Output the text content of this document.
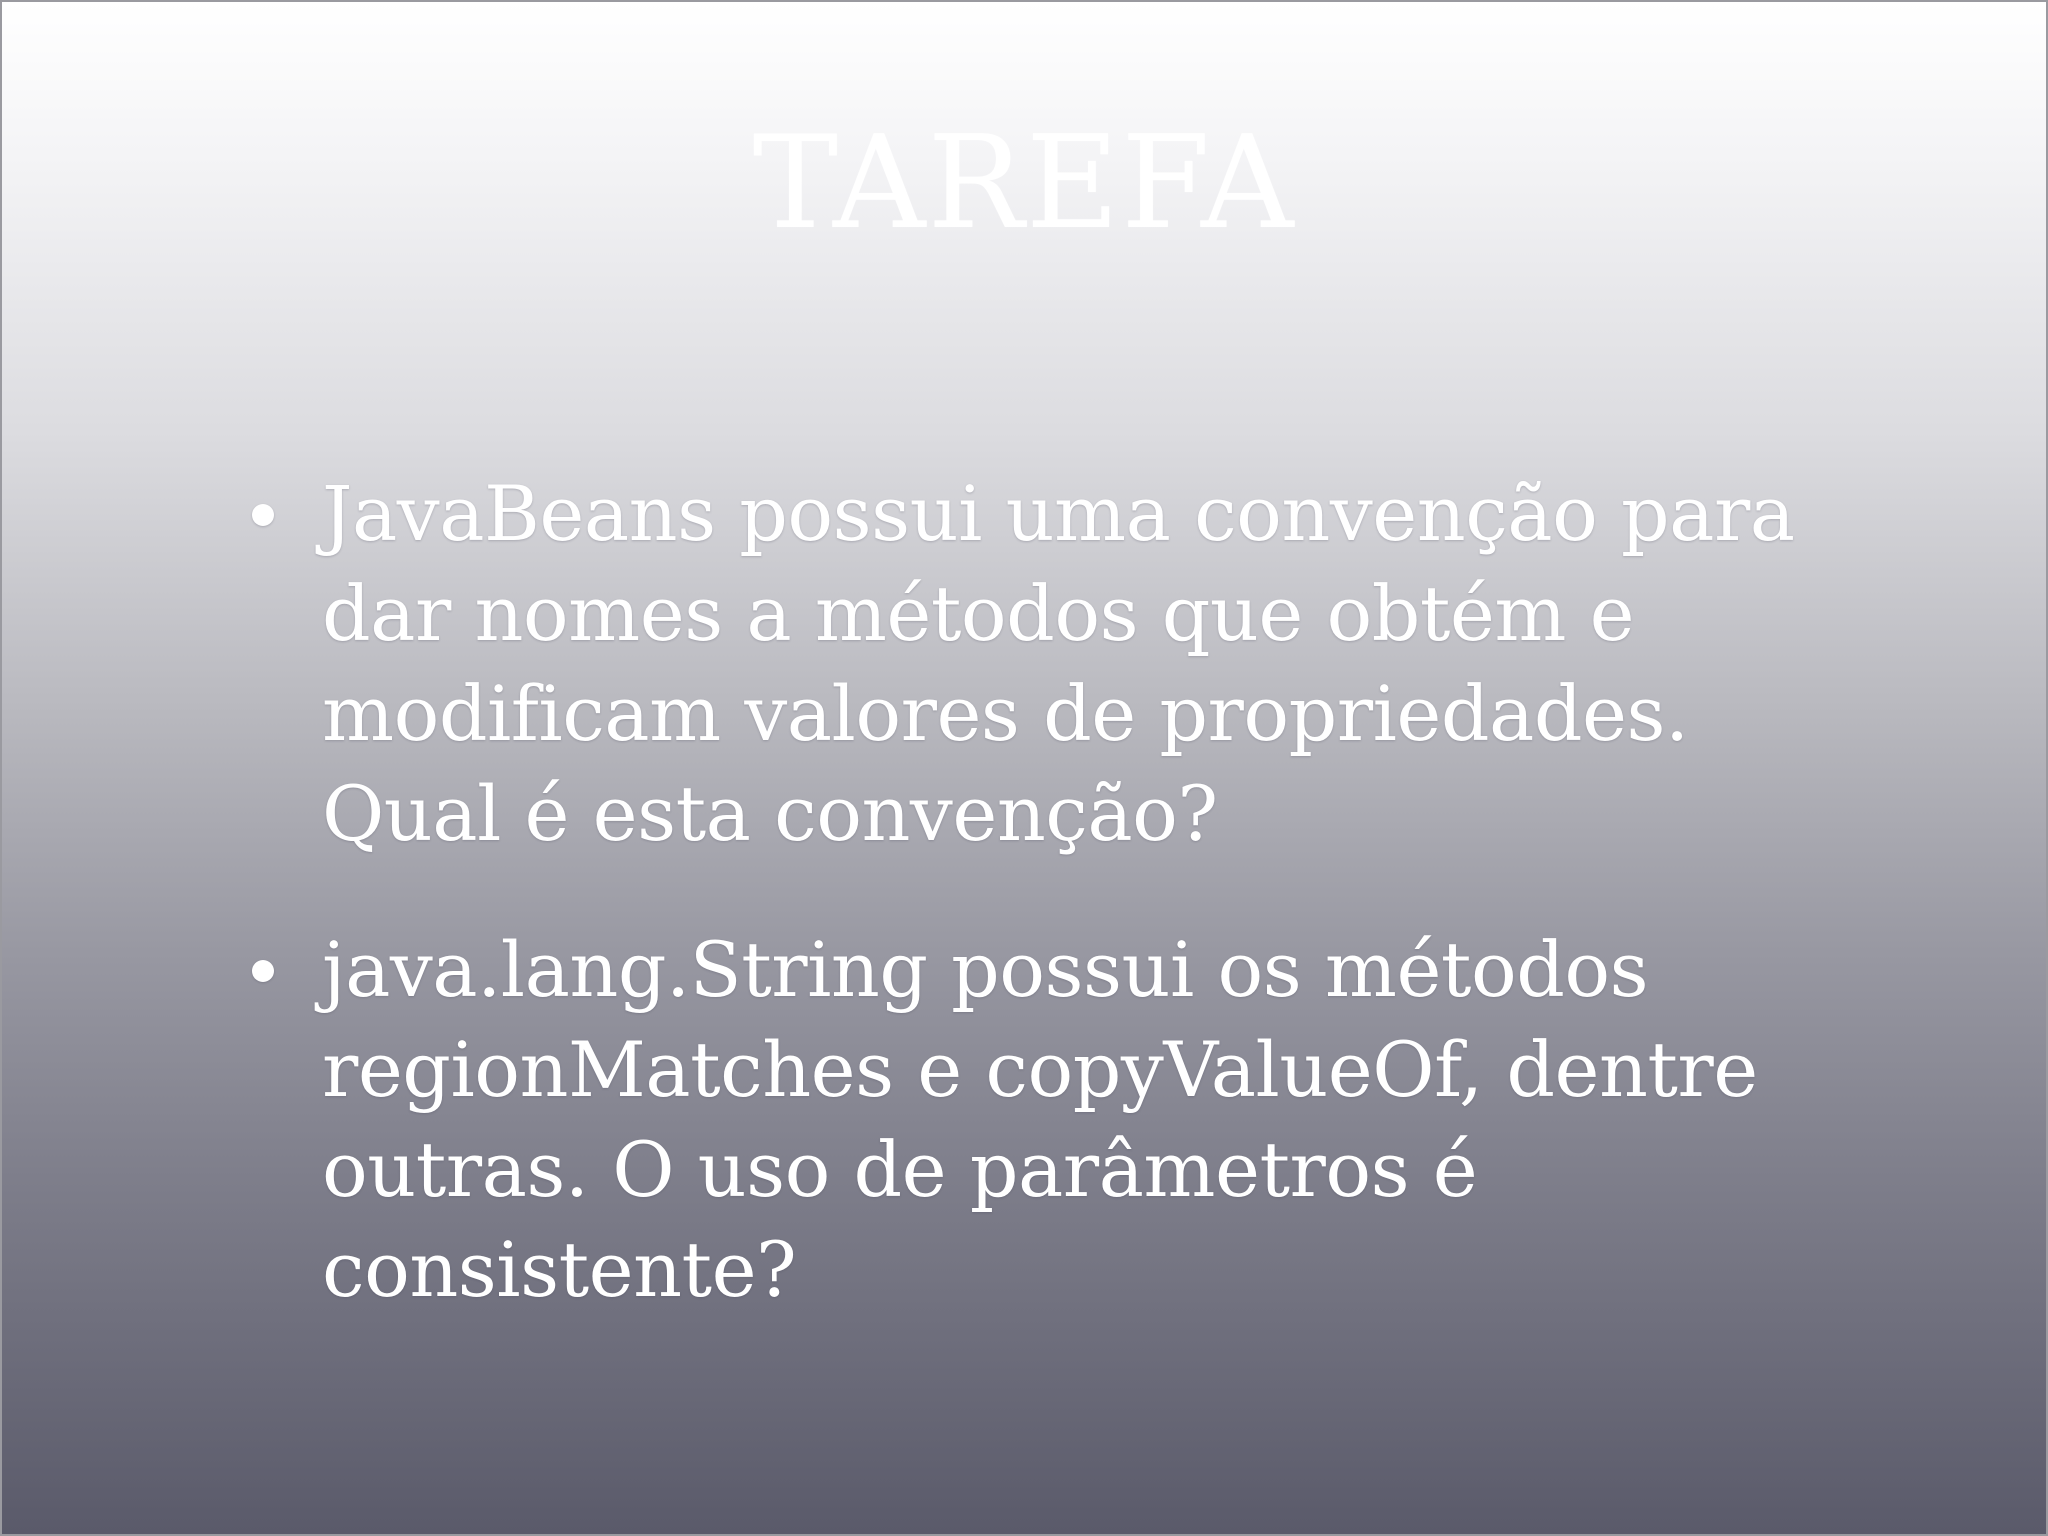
TAREFA
JavaBeans possui uma convenção para dar nomes a métodos que obtém e modificam valores de propriedades. Qual é esta convenção?
java.lang.String possui os métodos regionMatches e copyValueOf, dentre outras. O uso de parâmetros é consistente?
